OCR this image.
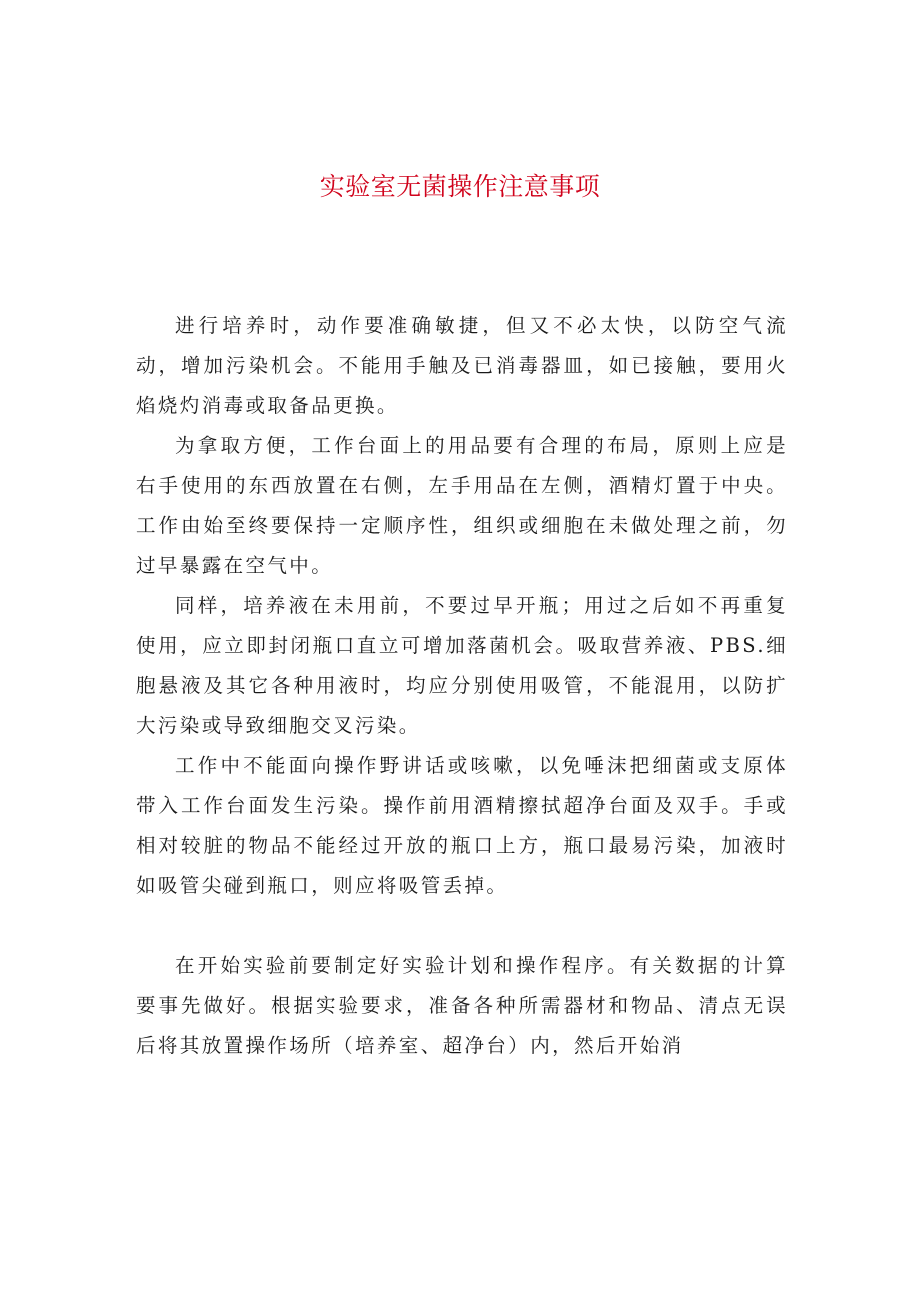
实验室无菌操作注意事项

进行培养时，动作要准确敏捷，但又不必太快，以防空气流动，增加污染机会。不能用手触及已消毒器皿，如已接触，要用火焰烧灼消毒或取备品更换。

为拿取方便，工作台面上的用品要有合理的布局，原则上应是右手使用的东西放置在右侧，左手用品在左侧，酒精灯置于中央。工作由始至终要保持一定顺序性，组织或细胞在未做处理之前，勿过早暴露在空气中。

同样，培养液在未用前，不要过早开瓶；用过之后如不再重复使用，应立即封闭瓶口直立可增加落菌机会。吸取营养液、PBS.细胞悬液及其它各种用液时，均应分别使用吸管，不能混用，以防扩大污染或导致细胞交叉污染。

工作中不能面向操作野讲话或咳嗽，以免唾沫把细菌或支原体带入工作台面发生污染。操作前用酒精擦拭超净台面及双手。手或相对较脏的物品不能经过开放的瓶口上方，瓶口最易污染，加液时如吸管尖碰到瓶口，则应将吸管丢掉。

在开始实验前要制定好实验计划和操作程序。有关数据的计算要事先做好。根据实验要求，准备各种所需器材和物品、清点无误后将其放置操作场所（培养室、超净台）内，然后开始消
